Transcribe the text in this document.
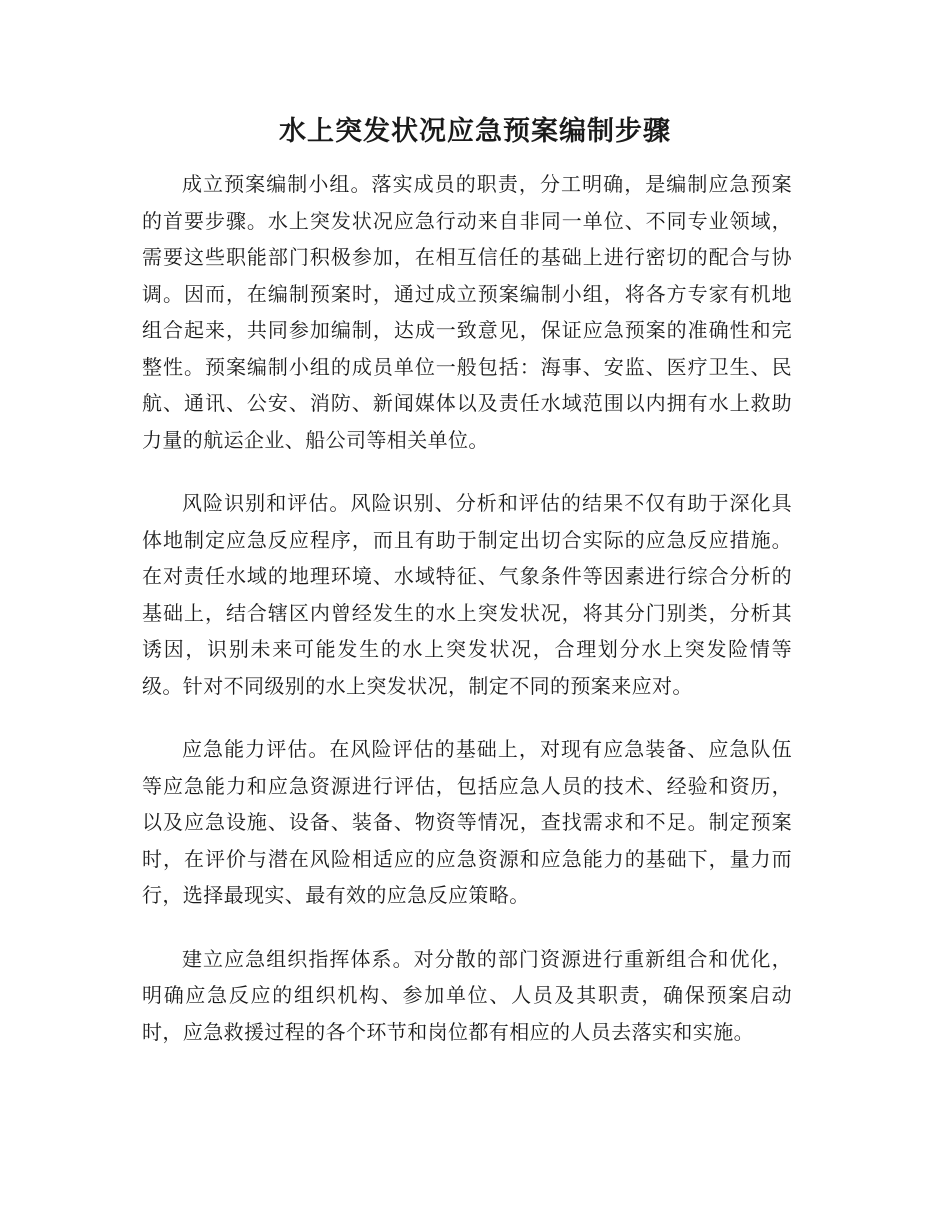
水上突发状况应急预案编制步骤

成立预案编制小组。落实成员的职责，分工明确，是编制应急预案的首要步骤。水上突发状况应急行动来自非同一单位、不同专业领域，需要这些职能部门积极参加，在相互信任的基础上进行密切的配合与协调。因而，在编制预案时，通过成立预案编制小组，将各方专家有机地组合起来，共同参加编制，达成一致意见，保证应急预案的准确性和完整性。预案编制小组的成员单位一般包括：海事、安监、医疗卫生、民航、通讯、公安、消防、新闻媒体以及责任水域范围以内拥有水上救助力量的航运企业、船公司等相关单位。

风险识别和评估。风险识别、分析和评估的结果不仅有助于深化具体地制定应急反应程序，而且有助于制定出切合实际的应急反应措施。在对责任水域的地理环境、水域特征、气象条件等因素进行综合分析的基础上，结合辖区内曾经发生的水上突发状况，将其分门别类，分析其诱因，识别未来可能发生的水上突发状况，合理划分水上突发险情等级。针对不同级别的水上突发状况，制定不同的预案来应对。

应急能力评估。在风险评估的基础上，对现有应急装备、应急队伍等应急能力和应急资源进行评估，包括应急人员的技术、经验和资历，以及应急设施、设备、装备、物资等情况，查找需求和不足。制定预案时，在评价与潜在风险相适应的应急资源和应急能力的基础下，量力而行，选择最现实、最有效的应急反应策略。

建立应急组织指挥体系。对分散的部门资源进行重新组合和优化，明确应急反应的组织机构、参加单位、人员及其职责，确保预案启动时，应急救援过程的各个环节和岗位都有相应的人员去落实和实施。
